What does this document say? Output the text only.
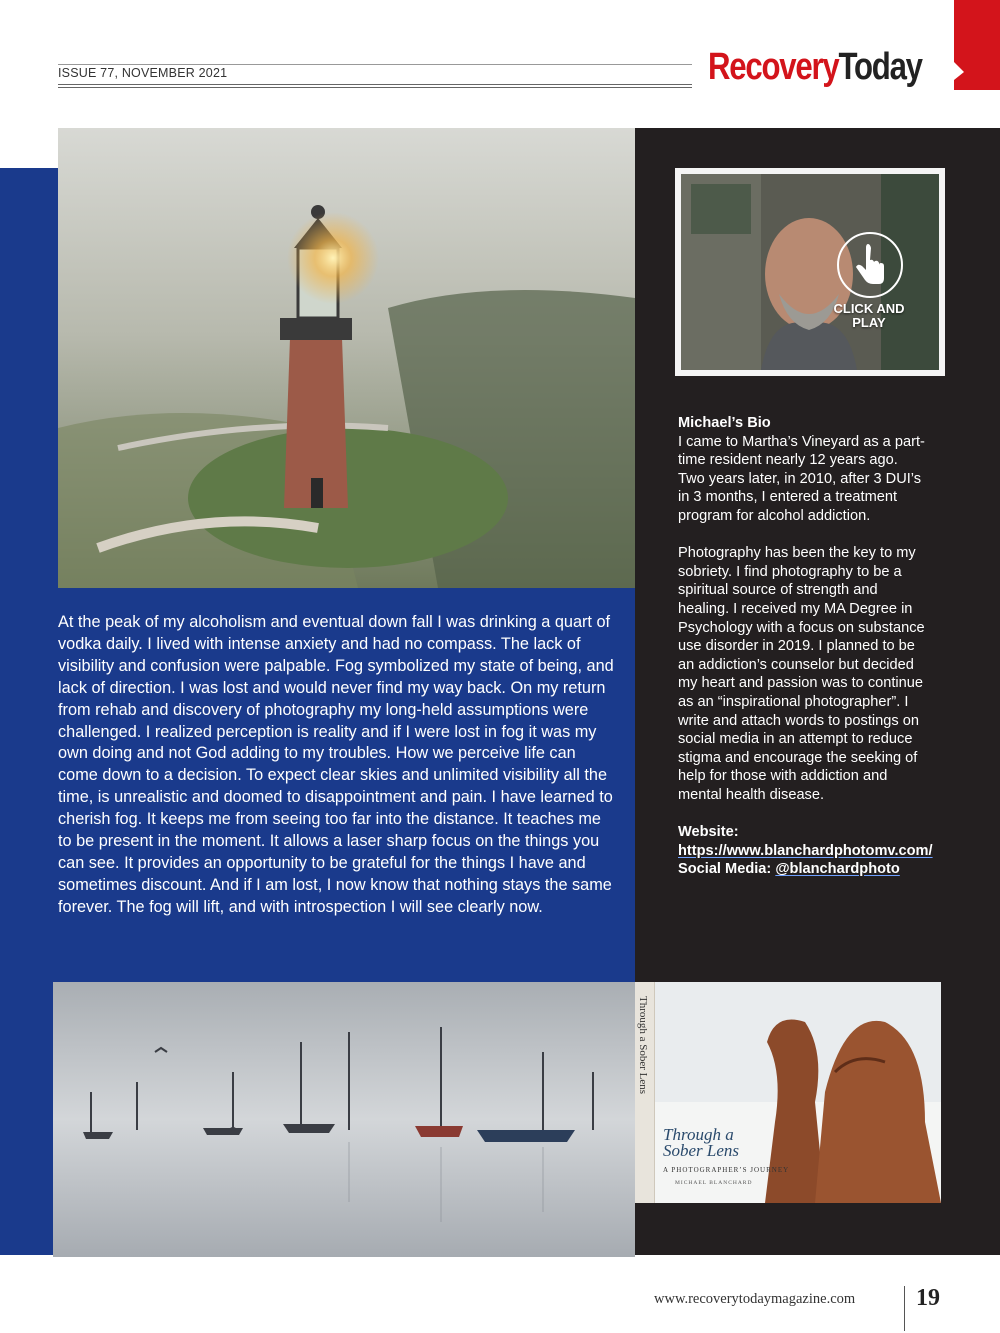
ISSUE 77, NOVEMBER 2021	RecoveryToday
At the peak of my alcoholism and eventual down fall I was drinking a quart of vodka daily. I lived with intense anxiety and had no compass. The lack of visibility and confusion were palpable. Fog symbolized my state of being, and lack of direction. I was lost and would never find my way back. On my return from rehab and discovery of photography my long-held assumptions were challenged. I realized perception is reality and if I were lost in fog it was my own doing and not God adding to my troubles. How we perceive life can come down to a decision. To expect clear skies and unlimited visibility all the time, is unrealistic and doomed to disappointment and pain. I have learned to cherish fog. It keeps me from seeing too far into the distance. It teaches me to be present in the moment. It allows a laser sharp focus on the things you can see. It provides an opportunity to be grateful for the things I have and sometimes discount. And if I am lost, I now know that nothing stays the same forever. The fog will lift, and with introspection I will see clearly now.
CLICK AND PLAY
Michael’s Bio

I came to Martha’s Vineyard as a part-time resident nearly 12 years ago. Two years later, in 2010, after 3 DUI’s in 3 months, I entered a treatment program for alcohol addiction.

Photography has been the key to my sobriety. I find photography to be a spiritual source of strength and healing. I received my MA Degree in Psychology with a focus on substance use disorder in 2019. I planned to be an addiction’s counselor but decided my heart and passion was to continue as an “inspirational photographer”. I write and attach words to postings on social media in an attempt to reduce stigma and encourage the seeking of help for those with addiction and mental health disease.

Website: https://www.blanchardphotomv.com/
Social Media: @blanchardphoto
Through a Sober Lens
Through a
Sober Lens
A PHOTOGRAPHER’S JOURNEY
MICHAEL BLANCHARD
www.recoverytodaymagazine.com	19
